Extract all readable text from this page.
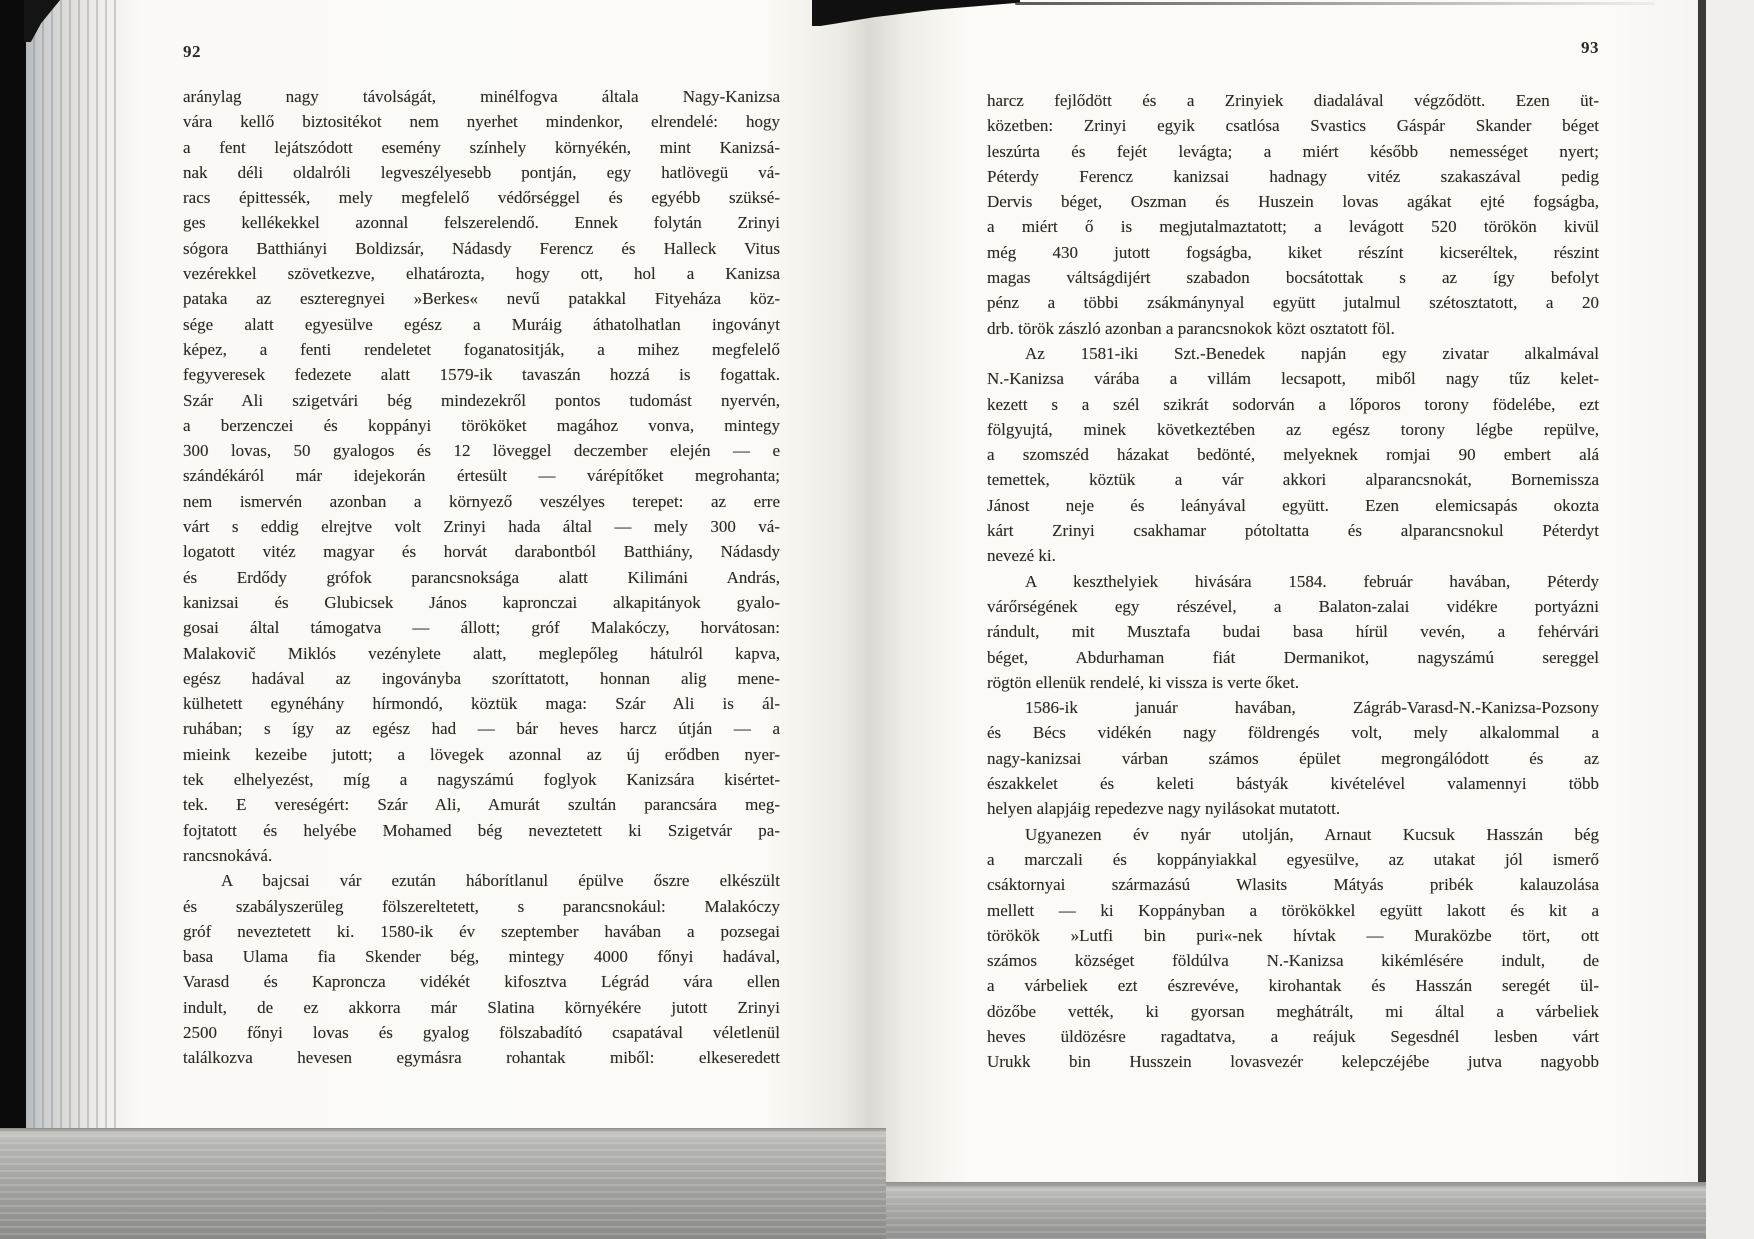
92	93
aránylag nagy távolságát, minélfogva általa Nagy-Kanizsa
vára kellő biztositékot nem nyerhet mindenkor, elrendelé: hogy
a fent lejátszódott esemény színhely környékén, mint Kanizsá-
nak déli oldalróli legveszélyesebb pontján, egy hatlövegü vá-
racs épittessék, mely megfelelő védőrséggel és egyébb szüksé-
ges kellékekkel azonnal felszerelendő. Ennek folytán Zrinyi
sógora Batthiányi Boldizsár, Nádasdy Ferencz és Halleck Vitus
vezérekkel szövetkezve, elhatározta, hogy ott, hol a Kanizsa
pataka az eszteregnyei »Berkes« nevű patakkal Fityeháza köz-
sége alatt egyesülve egész a Muráig áthatolhatlan ingoványt
képez, a fenti rendeletet foganatositják, a mihez megfelelő
fegyveresek fedezete alatt 1579-ik tavaszán hozzá is fogattak.
Szár Ali szigetvári bég mindezekről pontos tudomást nyervén,
a berzenczei és koppányi törököket magához vonva, mintegy
300 lovas, 50 gyalogos és 12 löveggel deczember elején — e
szándékáról már idejekorán értesült — várépítőket megrohanta;
nem ismervén azonban a környező veszélyes terepet: az erre
várt s eddig elrejtve volt Zrinyi hada által — mely 300 vá-
logatott vitéz magyar és horvát darabontból Batthiány, Nádasdy
és Erdődy grófok parancsnoksága alatt Kilimáni András,
kanizsai és Glubicsek János kapronczai alkapitányok gyalo-
gosai által támogatva — állott; gróf Malakóczy, horvátosan:
Malakovič Miklós vezénylete alatt, meglepőleg hátulról kapva,
egész hadával az ingoványba szoríttatott, honnan alig mene-
külhetett egynéhány hírmondó, köztük maga: Szár Ali is ál-
ruhában; s így az egész had — bár heves harcz útján — a
mieink kezeibe jutott; a lövegek azonnal az új erődben nyer-
tek elhelyezést, míg a nagyszámú foglyok Kanizsára kisértet-
tek. E vereségért: Szár Ali, Amurát szultán parancsára meg-
fojtatott és helyébe Mohamed bég neveztetett ki Szigetvár pa-
rancsnokává.
A bajcsai vár ezután háborítlanul épülve őszre elkészült
és szabályszerüleg fölszereltetett, s parancsnokául: Malakóczy
gróf neveztetett ki. 1580-ik év szeptember havában a pozsegai
basa Ulama fia Skender bég, mintegy 4000 főnyi hadával,
Varasd és Kaproncza vidékét kifosztva Légrád vára ellen
indult, de ez akkorra már Slatina környékére jutott Zrinyi
2500 főnyi lovas és gyalog fölszabadító csapatával véletlenül
találkozva hevesen egymásra rohantak miből: elkeseredett
harcz fejlődött és a Zrinyiek diadalával végződött. Ezen üt-
közetben: Zrinyi egyik csatlósa Svastics Gáspár Skander béget
leszúrta és fejét levágta; a miért később nemességet nyert;
Péterdy Ferencz kanizsai hadnagy vitéz szakaszával pedig
Dervis béget, Oszman és Huszein lovas agákat ejté fogságba,
a miért ő is megjutalmaztatott; a levágott 520 törökön kivül
még 430 jutott fogságba, kiket részínt kicseréltek, részint
magas váltságdijért szabadon bocsátottak s az így befolyt
pénz a többi zsákmánynyal együtt jutalmul szétosztatott, a 20
drb. török zászló azonban a parancsnokok közt osztatott föl.
Az 1581-iki Szt.-Benedek napján egy zivatar alkalmával
N.-Kanizsa várába a villám lecsapott, miből nagy tűz kelet-
kezett s a szél szikrát sodorván a lőporos torony födelébe, ezt
fölgyujtá, minek következtében az egész torony légbe repülve,
a szomszéd házakat bedönté, melyeknek romjai 90 embert alá
temettek, köztük a vár akkori alparancsnokát, Bornemissza
Jánost neje és leányával együtt. Ezen elemicsapás okozta
kárt Zrinyi csakhamar pótoltatta és alparancsnokul Péterdyt
nevezé ki.
A keszthelyiek hivására 1584. február havában, Péterdy
várőrségének egy részével, a Balaton-zalai vidékre portyázni
rándult, mit Musztafa budai basa hírül vevén, a fehérvári
béget, Abdurhaman fiát Dermanikot, nagyszámú sereggel
rögtön ellenük rendelé, ki vissza is verte őket.
1586-ik január havában, Zágráb-Varasd-N.-Kanizsa-Pozsony
és Bécs vidékén nagy földrengés volt, mely alkalommal a
nagy-kanizsai várban számos épület megrongálódott és az
északkelet és keleti bástyák kivételével valamennyi több
helyen alapjáig repedezve nagy nyilásokat mutatott.
Ugyanezen év nyár utolján, Arnaut Kucsuk Hasszán bég
a marczali és koppányiakkal egyesülve, az utakat jól ismerő
csáktornyai származású Wlasits Mátyás pribék kalauzolása
mellett — ki Koppányban a törökökkel együtt lakott és kit a
törökök »Lutfi bin puri«-nek hívtak — Muraközbe tört, ott
számos községet földúlva N.-Kanizsa kikémlésére indult, de
a várbeliek ezt észrevéve, kirohantak és Hasszán seregét ül-
dözőbe vették, ki gyorsan meghátrált, mi által a várbeliek
heves üldözésre ragadtatva, a reájuk Segesdnél lesben várt
Urukk bin Husszein lovasvezér kelepczéjébe jutva nagyobb
